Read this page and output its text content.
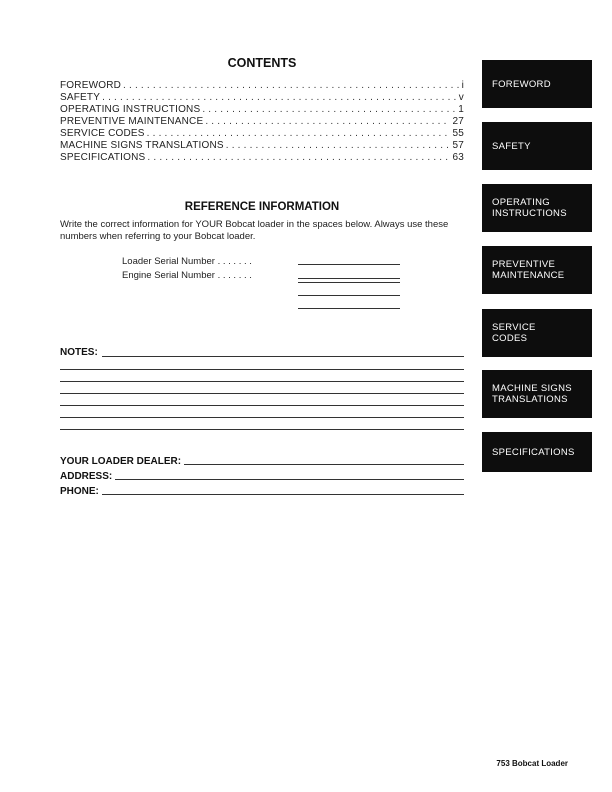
CONTENTS
FOREWORD . . .	i
SAFETY . . .	v
OPERATING INSTRUCTIONS . . .	1
PREVENTIVE MAINTENANCE . . .	27
SERVICE CODES . . .	55
MACHINE SIGNS TRANSLATIONS . . .	57
SPECIFICATIONS . . .	63
REFERENCE INFORMATION

Write the correct information for YOUR Bobcat loader in the spaces below. Always use these numbers when referring to your Bobcat loader.

Loader Serial Number . . . . . . .
Engine Serial Number . . . . . . .
NOTES:
YOUR LOADER DEALER:
ADDRESS:
PHONE:
FOREWORD
SAFETY
OPERATING
INSTRUCTIONS
PREVENTIVE
MAINTENANCE
SERVICE
CODES
MACHINE SIGNS
TRANSLATIONS
SPECIFICATIONS
753 Bobcat Loader
